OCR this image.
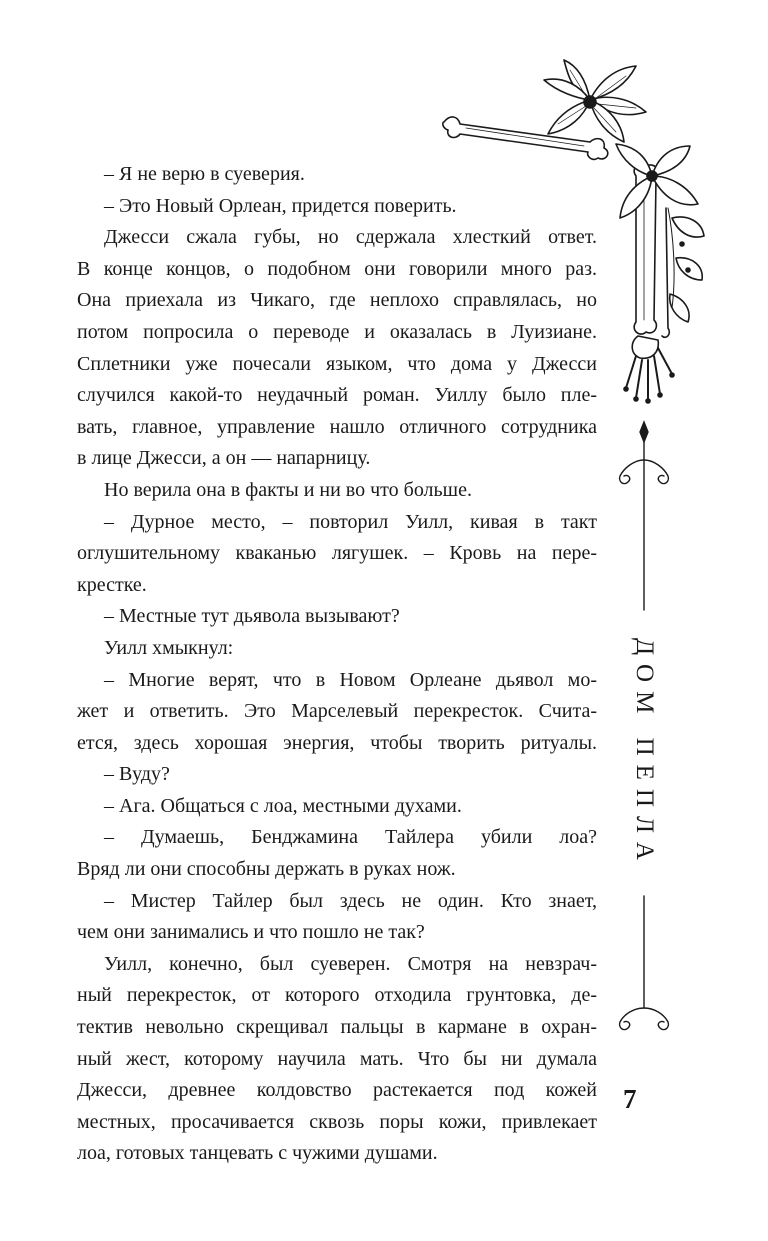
ДОМ ПЕПЛА
– Я не верю в суеверия.
– Это Новый Орлеан, придется поверить.
Джесси сжала губы, но сдержала хлесткий ответ.
В конце концов, о подобном они говорили много раз.
Она приехала из Чикаго, где неплохо справлялась, но
потом попросила о переводе и оказалась в Луизиане.
Сплетники уже почесали языком, что дома у Джесси
случился какой-то неудачный роман. Уиллу было пле-
вать, главное, управление нашло отличного сотрудника
в лице Джесси, а он — напарницу.
Но верила она в факты и ни во что больше.
– Дурное место, – повторил Уилл, кивая в такт
оглушительному кваканью лягушек. – Кровь на пере-
крестке.
– Местные тут дьявола вызывают?
Уилл хмыкнул:
– Многие верят, что в Новом Орлеане дьявол мо-
жет и ответить. Это Марселевый перекресток. Счита-
ется, здесь хорошая энергия, чтобы творить ритуалы.
– Вуду?
– Ага. Общаться с лоа, местными духами.
– Думаешь, Бенджамина Тайлера убили лоа?
Вряд ли они способны держать в руках нож.
– Мистер Тайлер был здесь не один. Кто знает,
чем они занимались и что пошло не так?
Уилл, конечно, был суеверен. Смотря на невзрач-
ный перекресток, от которого отходила грунтовка, де-
тектив невольно скрещивал пальцы в кармане в охран-
ный жест, которому научила мать. Что бы ни думала
Джесси, древнее колдовство растекается под кожей
местных, просачивается сквозь поры кожи, привлекает
лоа, готовых танцевать с чужими душами.
7
